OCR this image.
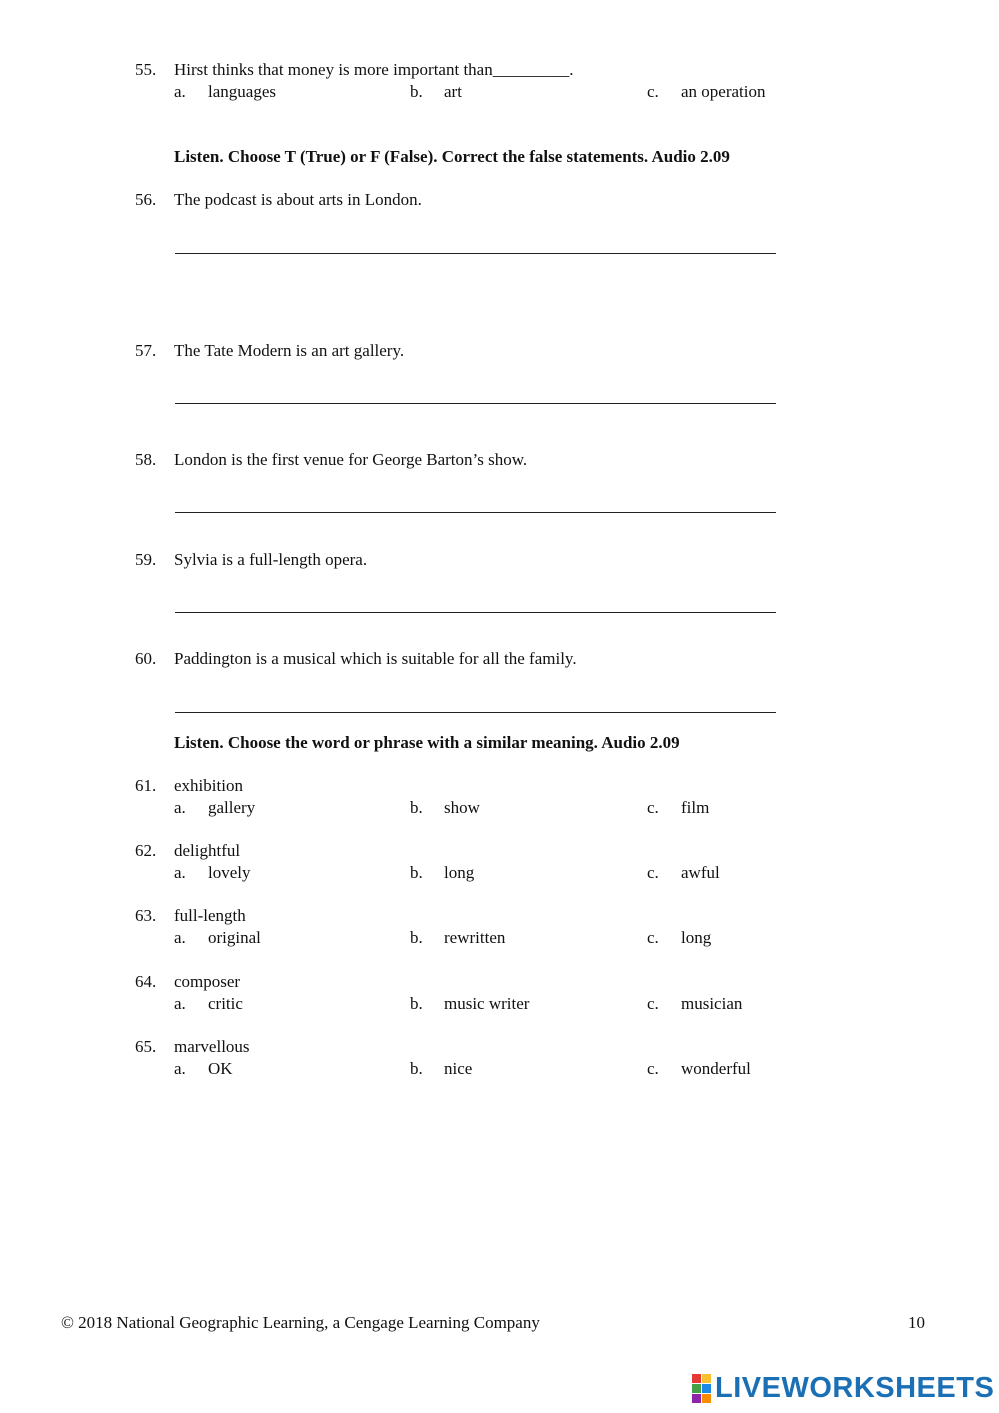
55. Hirst thinks that money is more important than_________.
a. languages	b. art	c. an operation
Listen. Choose T (True) or F (False). Correct the false statements. Audio 2.09
56. The podcast is about arts in London.
57. The Tate Modern is an art gallery.
58. London is the first venue for George Barton’s show.
59. Sylvia is a full-length opera.
60. Paddington is a musical which is suitable for all the family.
Listen. Choose the word or phrase with a similar meaning. Audio 2.09
61. exhibition
a. gallery	b. show	c. film
62. delightful
a. lovely	b. long	c. awful
63. full-length
a. original	b. rewritten	c. long
64. composer
a. critic	b. music writer	c. musician
65. marvellous
a. OK	b. nice	c. wonderful
© 2018 National Geographic Learning, a Cengage Learning Company	10
LIVEWORKSHEETS
